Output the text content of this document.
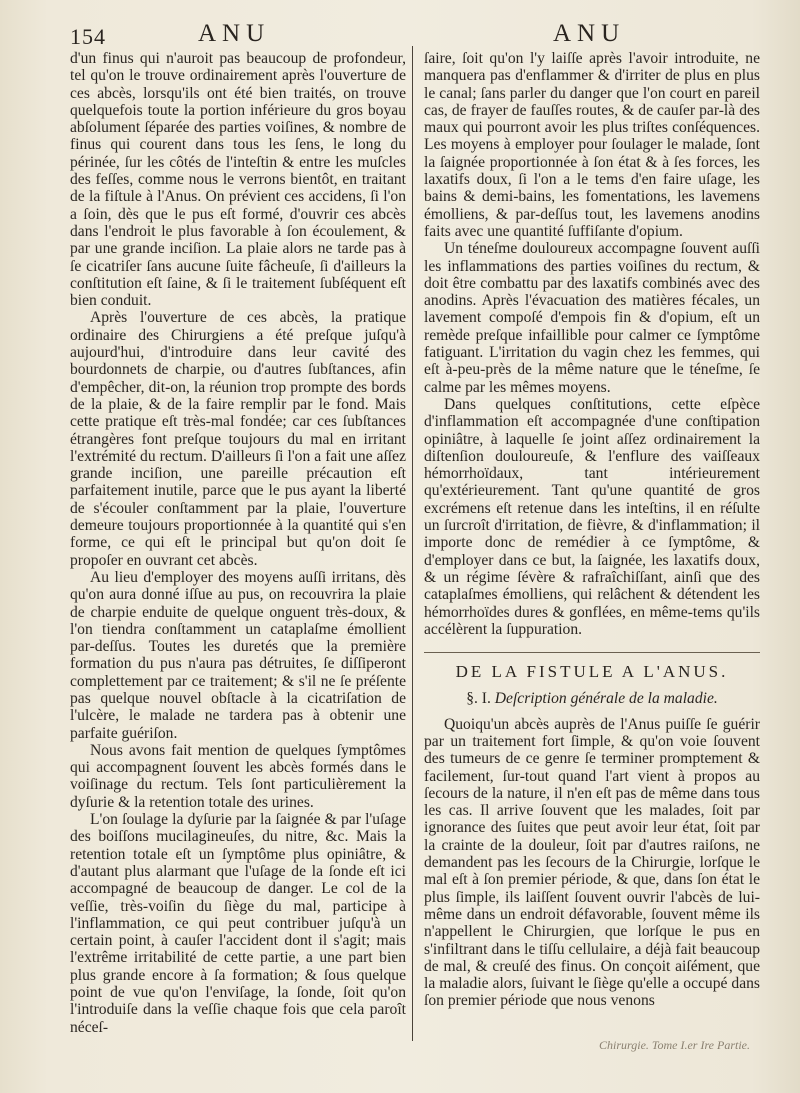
154	ANU	ANU

d'un finus qui n'auroit pas beaucoup de profondeur, tel qu'on le trouve ordinairement après l'ouverture de ces abcès, lorsqu'ils ont été bien traités, on trouve quelquefois toute la portion inférieure du gros boyau abſolument ſéparée des parties voiſines, & nombre de finus qui courent dans tous les ſens, le long du périnée, ſur les côtés de l'inteſtin & entre les muſcles des feſſes, comme nous le verrons bientôt, en traitant de la fiſtule à l'Anus. On prévient ces accidens, ſi l'on a ſoin, dès que le pus eſt formé, d'ouvrir ces abcès dans l'endroit le plus favorable à ſon écoulement, & par une grande inciſion. La plaie alors ne tarde pas à ſe cicatriſer ſans aucune ſuite fâcheuſe, ſi d'ailleurs la conſtitution eſt ſaine, & ſi le traitement ſubſéquent eſt bien conduit.

Après l'ouverture de ces abcès, la pratique ordinaire des Chirurgiens a été preſque juſqu'à aujourd'hui, d'introduire dans leur cavité des bourdonnets de charpie, ou d'autres ſubſtances, afin d'empêcher, dit-on, la réunion trop prompte des bords de la plaie, & de la faire remplir par le fond. Mais cette pratique eſt très-mal fondée; car ces ſubſtances étrangères font preſque toujours du mal en irritant l'extrémité du rectum. D'ailleurs ſi l'on a fait une aſſez grande inciſion, une pareille précaution eſt parfaitement inutile, parce que le pus ayant la liberté de s'écouler conſtamment par la plaie, l'ouverture demeure toujours proportionnée à la quantité qui s'en forme, ce qui eſt le principal but qu'on doit ſe propoſer en ouvrant cet abcès.

Au lieu d'employer des moyens auſſi irritans, dès qu'on aura donné iſſue au pus, on recouvrira la plaie de charpie enduite de quelque onguent très-doux, & l'on tiendra conſtamment un cataplaſme émollient par-deſſus. Toutes les duretés que la première formation du pus n'aura pas détruites, ſe diſſiperont complettement par ce traitement; & s'il ne ſe préſente pas quelque nouvel obſtacle à la cicatriſation de l'ulcère, le malade ne tardera pas à obtenir une parfaite guériſon.

Nous avons fait mention de quelques ſymptômes qui accompagnent ſouvent les abcès formés dans le voiſinage du rectum. Tels ſont particulièrement la dyſurie & la retention totale des urines.

L'on ſoulage la dyſurie par la ſaignée & par l'uſage des boiſſons mucilagineuſes, du nitre, &c. Mais la retention totale eſt un ſymptôme plus opiniâtre, & d'autant plus alarmant que l'uſage de la ſonde eſt ici accompagné de beaucoup de danger. Le col de la veſſie, très-voiſin du ſiège du mal, participe à l'inflammation, ce qui peut contribuer juſqu'à un certain point, à cauſer l'accident dont il s'agit; mais l'extrême irritabilité de cette partie, a une part bien plus grande encore à ſa formation; & ſous quelque point de vue qu'on l'enviſage, la ſonde, ſoit qu'on l'introduiſe dans la veſſie chaque fois que cela paroît néceſ-

ſaire, ſoit qu'on l'y laiſſe après l'avoir introduite, ne manquera pas d'enflammer & d'irriter de plus en plus le canal; ſans parler du danger que l'on court en pareil cas, de frayer de fauſſes routes, & de cauſer par-là des maux qui pourront avoir les plus triſtes conſéquences. Les moyens à employer pour ſoulager le malade, ſont la ſaignée proportionnée à ſon état & à ſes forces, les laxatifs doux, ſi l'on a le tems d'en faire uſage, les bains & demi-bains, les fomentations, les lavemens émolliens, & par-deſſus tout, les lavemens anodins faits avec une quantité ſuffiſante d'opium.

Un téneſme douloureux accompagne ſouvent auſſi les inflammations des parties voiſines du rectum, & doit être combattu par des laxatifs combinés avec des anodins. Après l'évacuation des matières fécales, un lavement compoſé d'empois fin & d'opium, eſt un remède preſque infaillible pour calmer ce ſymptôme fatiguant. L'irritation du vagin chez les femmes, qui eſt à-peu-près de la même nature que le téneſme, ſe calme par les mêmes moyens.

Dans quelques conſtitutions, cette eſpèce d'inflammation eſt accompagnée d'une conſtipation opiniâtre, à laquelle ſe joint aſſez ordinairement la diſtenſion douloureuſe, & l'enflure des vaiſſeaux hémorrhoïdaux, tant intérieurement qu'extérieurement. Tant qu'une quantité de gros excrémens eſt retenue dans les inteſtins, il en réſulte un ſurcroît d'irritation, de fièvre, & d'inflammation; il importe donc de remédier à ce ſymptôme, & d'employer dans ce but, la ſaignée, les laxatifs doux, & un régime ſévère & rafraîchiſſant, ainſi que des cataplaſmes émolliens, qui relâchent & détendent les hémorrhoïdes dures & gonflées, en même-tems qu'ils accélèrent la ſuppuration.

DE LA FISTULE A L'ANUS.
§. I. Deſcription générale de la maladie.

Quoiqu'un abcès auprès de l'Anus puiſſe ſe guérir par un traitement fort ſimple, & qu'on voie ſouvent des tumeurs de ce genre ſe terminer promptement & facilement, ſur-tout quand l'art vient à propos au ſecours de la nature, il n'en eſt pas de même dans tous les cas. Il arrive ſouvent que les malades, ſoit par ignorance des ſuites que peut avoir leur état, ſoit par la crainte de la douleur, ſoit par d'autres raiſons, ne demandent pas les ſecours de la Chirurgie, lorſque le mal eſt à ſon premier période, & que, dans ſon état le plus ſimple, ils laiſſent ſouvent ouvrir l'abcès de lui-même dans un endroit défavorable, ſouvent même ils n'appellent le Chirurgien, que lorſque le pus en s'infiltrant dans le tiſſu cellulaire, a déjà fait beaucoup de mal, & creuſé des finus. On conçoit aiſément, que la maladie alors, ſuivant le ſiège qu'elle a occupé dans ſon premier période que nous venons

Chirurgie. Tome I.er Ire Partie.
